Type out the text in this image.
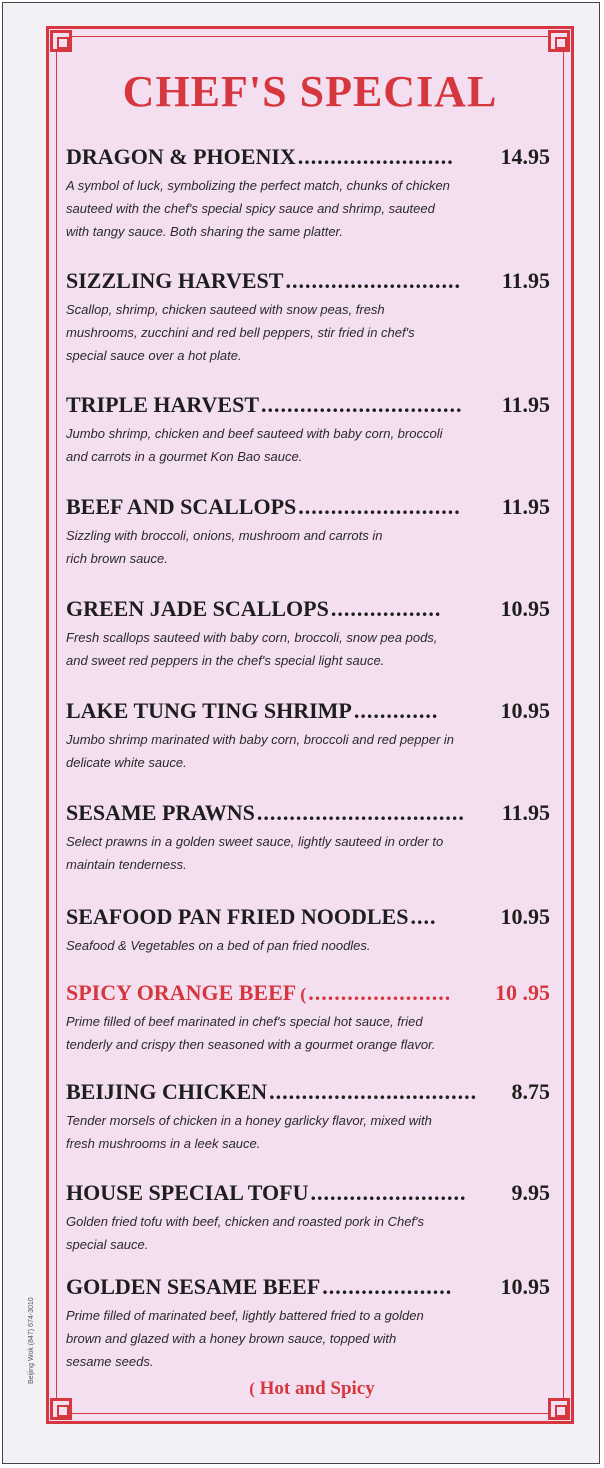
CHEF'S SPECIAL
DRAGON & PHOENIX ........................	14.95
A symbol of luck, symbolizing the perfect match, chunks of chicken
sauteed with the chef's special spicy sauce and shrimp, sauteed
with tangy sauce. Both sharing the same platter.
SIZZLING HARVEST ...........................	11.95
Scallop, shrimp, chicken sauteed with snow peas, fresh
mushrooms, zucchini and red bell peppers, stir fried in chef's
special sauce over a hot plate.
TRIPLE HARVEST ...............................	11.95
Jumbo shrimp, chicken and beef sauteed with baby corn, broccoli
and carrots in a gourmet Kon Bao sauce.
BEEF AND SCALLOPS .........................	11.95
Sizzling with broccoli, onions, mushroom and carrots in
rich brown sauce.
GREEN JADE SCALLOPS .................	10.95
Fresh scallops sauteed with baby corn, broccoli, snow pea pods,
and sweet red peppers in the chef's special light sauce.
LAKE TUNG TING SHRIMP .............	10.95
Jumbo shrimp marinated with baby corn, broccoli and red pepper in
delicate white sauce.
SESAME PRAWNS ................................	11.95
Select prawns in a golden sweet sauce, lightly sauteed in order to
maintain tenderness.
SEAFOOD PAN FRIED NOODLES ....	10.95
Seafood & Vegetables on a bed of pan fried noodles.
SPICY ORANGE BEEF ( ......................	10 .95
Prime filled of beef marinated in chef's special hot sauce, fried
tenderly and crispy then seasoned with a gourmet orange flavor.
BEIJING CHICKEN ................................	8.75
Tender morsels of chicken in a honey garlicky flavor, mixed with
fresh mushrooms in a leek sauce.
HOUSE SPECIAL TOFU ........................	9.95
Golden fried tofu with beef, chicken and roasted pork in Chef's
special sauce.
GOLDEN SESAME BEEF ....................	10.95
Prime filled of marinated beef, lightly battered fried to a golden
brown and glazed with a honey brown sauce, topped with
sesame seeds.
( Hot and Spicy
Beijing Wok (847) 674-3010
